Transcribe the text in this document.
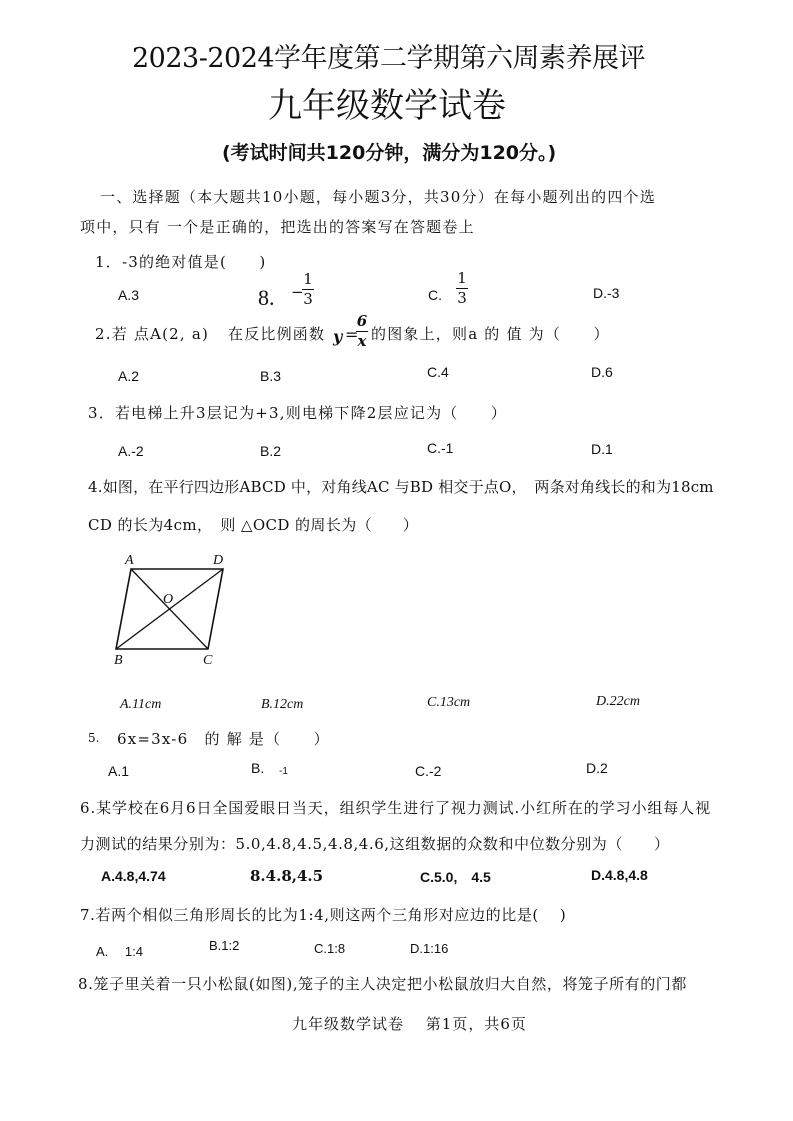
2023-2024学年度第二学期第六周素养展评
九年级数学试卷
(考试时间共120分钟，满分为120分。)
一、选择题（本大题共10小题，每小题3分，共30分）在每小题列出的四个选
项中，只有 一个是正确的，把选出的答案写在答题卷上
1．-3的绝对值是(　　)
A.3	8. −
1
3	C.
1
3	D.-3
2.若 点A(2, a) 在反比例函数 y =
6
x 的图象上，则a 的 值 为（　　）
A.2	B.3	C.4	D.6
3．若电梯上升3层记为+3,则电梯下降2层应记为（　　）
A.-2	B.2	C.-1	D.1
4.如图，在平行四边形ABCD 中，对角线AC 与BD 相交于点O，　两条对角线长的和为18cm
CD 的长为4cm，　则 △OCD 的周长为（　　）
A	D
B	C
O
A.11cm	B.12cm	C.13cm	D.22cm
5. 6x=3x-6　的 解 是（　　）
A.1	B. -1	C.-2	D.2
6.某学校在6月6日全国爱眼日当天，组织学生进行了视力测试.小红所在的学习小组每人视
力测试的结果分别为：5.0,4.8,4.5,4.8,4.6,这组数据的众数和中位数分别为（　　）
A.4.8,4.74	8.4.8,4.5	C.5.0,　4.5	D.4.8,4.8
7.若两个相似三角形周长的比为1:4,则这两个三角形对应边的比是(　 )
A.　 1:4	B.1:2	C.1:8	D.1:16
8.笼子里关着一只小松鼠(如图),笼子的主人决定把小松鼠放归大自然，将笼子所有的门都
九年级数学试卷　 第1页，共6页
